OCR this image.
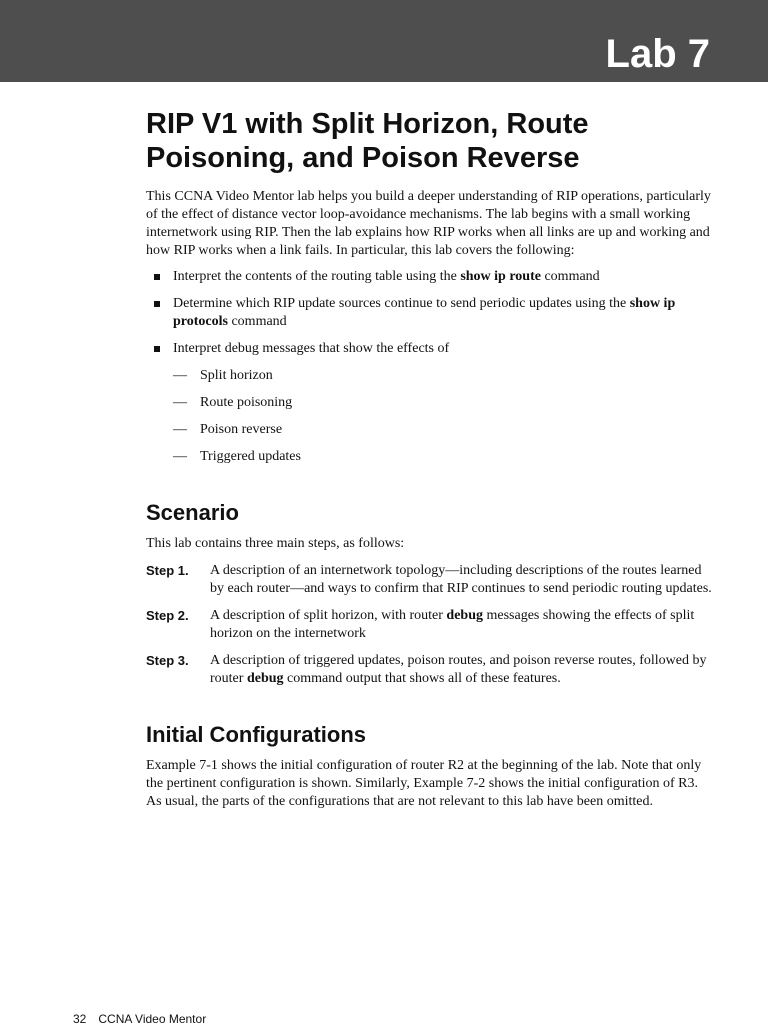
Lab 7
RIP V1 with Split Horizon, Route
Poisoning, and Poison Reverse

This CCNA Video Mentor lab helps you build a deeper understanding of RIP operations, particularly of the effect of distance vector loop-avoidance mechanisms. The lab begins with a small working internetwork using RIP. Then the lab explains how RIP works when all links are up and working and how RIP works when a link fails. In particular, this lab covers the following:

Interpret the contents of the routing table using the show ip route command
Determine which RIP update sources continue to send periodic updates using the show ip protocols command
Interpret debug messages that show the effects of
— Split horizon
— Route poisoning
— Poison reverse
— Triggered updates
Scenario

This lab contains three main steps, as follows:

Step 1.	A description of an internetwork topology—including descriptions of the routes learned by each router—and ways to confirm that RIP continues to send periodic routing updates.
Step 2.	A description of split horizon, with router debug messages showing the effects of split horizon on the internetwork
Step 3.	A description of triggered updates, poison routes, and poison reverse routes, followed by router debug command output that shows all of these features.
Initial Configurations

Example 7-1 shows the initial configuration of router R2 at the beginning of the lab. Note that only the pertinent configuration is shown. Similarly, Example 7-2 shows the initial configuration of R3. As usual, the parts of the configurations that are not relevant to this lab have been omitted.

32 CCNA Video Mentor
